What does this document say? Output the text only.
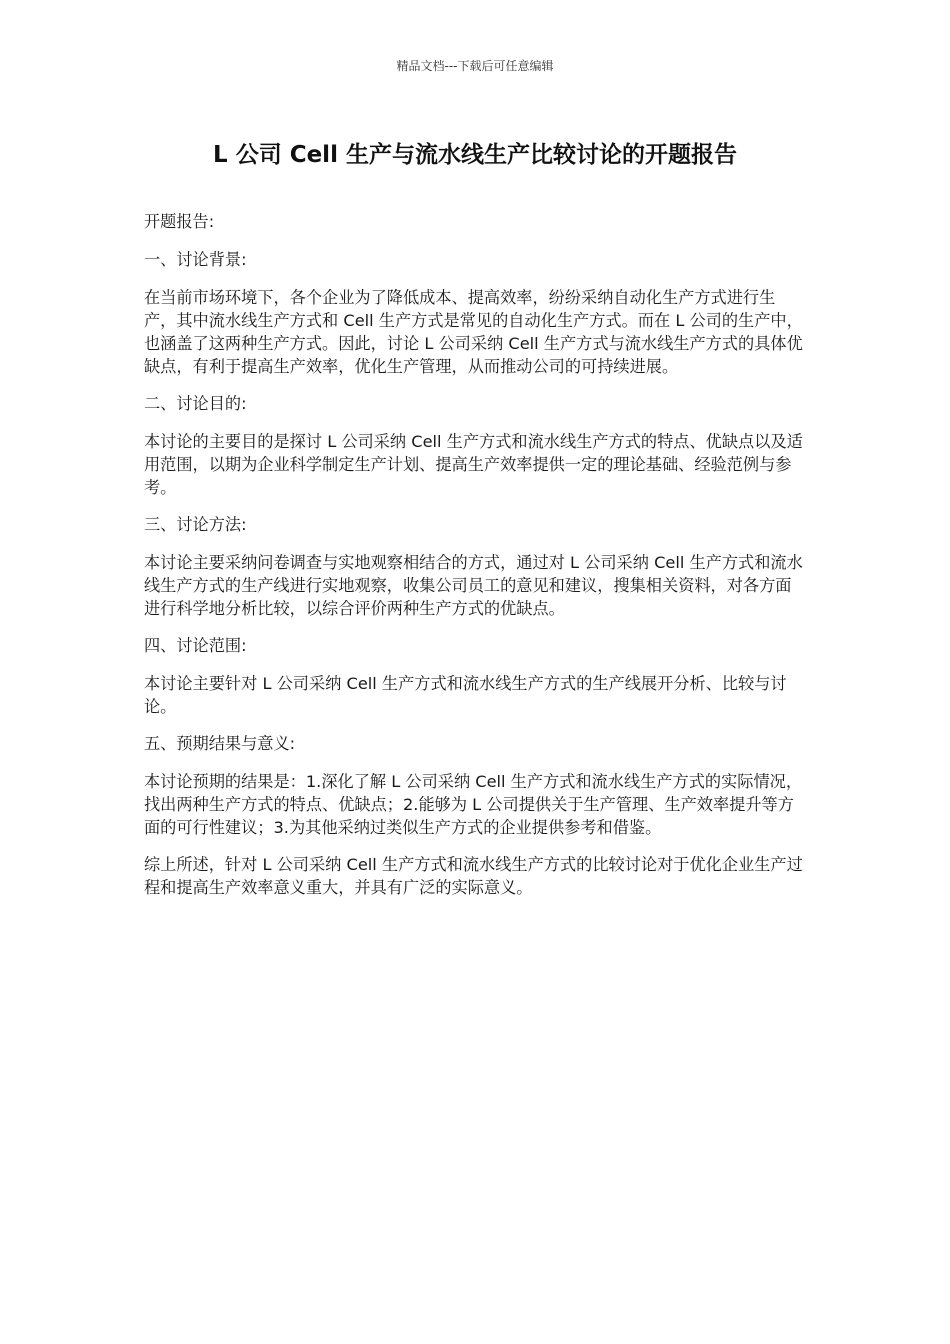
精品文档---下载后可任意编辑
L 公司 Cell 生产与流水线生产比较讨论的开题报告

开题报告:

一、讨论背景:

在当前市场环境下，各个企业为了降低成本、提高效率，纷纷采纳自动化生产方式进行生产，其中流水线生产方式和 Cell 生产方式是常见的自动化生产方式。而在 L 公司的生产中，也涵盖了这两种生产方式。因此，讨论 L 公司采纳 Cell 生产方式与流水线生产方式的具体优缺点，有利于提高生产效率，优化生产管理，从而推动公司的可持续进展。

二、讨论目的:

本讨论的主要目的是探讨 L 公司采纳 Cell 生产方式和流水线生产方式的特点、优缺点以及适用范围，以期为企业科学制定生产计划、提高生产效率提供一定的理论基础、经验范例与参考。

三、讨论方法:

本讨论主要采纳问卷调查与实地观察相结合的方式，通过对 L 公司采纳 Cell 生产方式和流水线生产方式的生产线进行实地观察，收集公司员工的意见和建议，搜集相关资料，对各方面进行科学地分析比较，以综合评价两种生产方式的优缺点。

四、讨论范围:

本讨论主要针对 L 公司采纳 Cell 生产方式和流水线生产方式的生产线展开分析、比较与讨论。

五、预期结果与意义:

本讨论预期的结果是：1.深化了解 L 公司采纳 Cell 生产方式和流水线生产方式的实际情况，找出两种生产方式的特点、优缺点；2.能够为 L 公司提供关于生产管理、生产效率提升等方面的可行性建议；3.为其他采纳过类似生产方式的企业提供参考和借鉴。

综上所述，针对 L 公司采纳 Cell 生产方式和流水线生产方式的比较讨论对于优化企业生产过程和提高生产效率意义重大，并具有广泛的实际意义。
